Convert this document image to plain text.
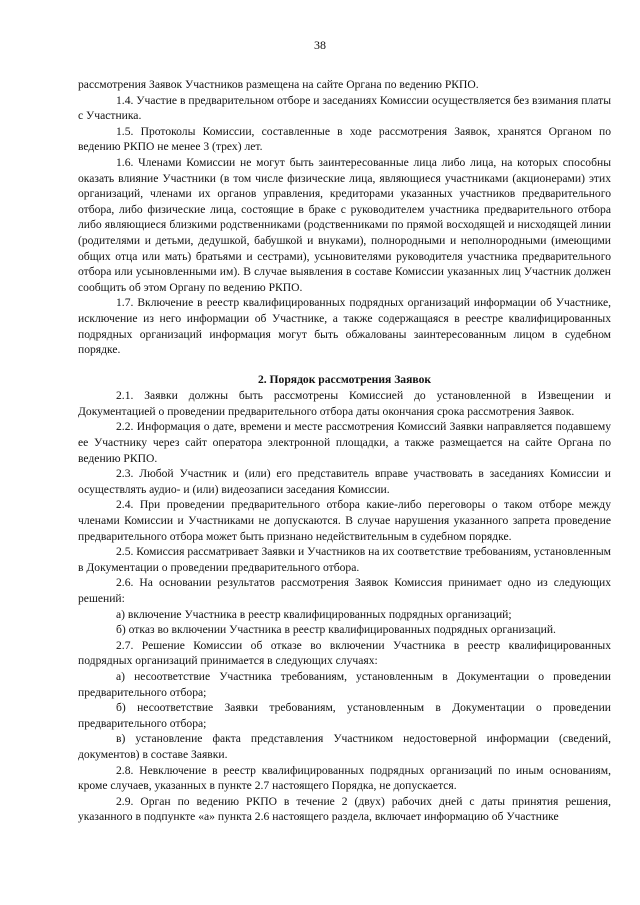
38

рассмотрения Заявок Участников размещена на сайте Органа по ведению РКПО.

1.4. Участие в предварительном отборе и заседаниях Комиссии осуществляется без взимания платы с Участника.

1.5. Протоколы Комиссии, составленные в ходе рассмотрения Заявок, хранятся Органом по ведению РКПО не менее 3 (трех) лет.

1.6. Членами Комиссии не могут быть заинтересованные лица либо лица, на которых способны оказать влияние Участники (в том числе физические лица, являющиеся участниками (акционерами) этих организаций, членами их органов управления, кредиторами указанных участников предварительного отбора, либо физические лица, состоящие в браке с руководителем участника предварительного отбора либо являющиеся близкими родственниками (родственниками по прямой восходящей и нисходящей линии (родителями и детьми, дедушкой, бабушкой и внуками), полнородными и неполнородными (имеющими общих отца или мать) братьями и сестрами), усыновителями руководителя участника предварительного отбора или усыновленными им). В случае выявления в составе Комиссии указанных лиц Участник должен сообщить об этом Органу по ведению РКПО.

1.7. Включение в реестр квалифицированных подрядных организаций информации об Участнике, исключение из него информации об Участнике, а также содержащаяся в реестре квалифицированных подрядных организаций информация могут быть обжалованы заинтересованным лицом в судебном порядке.

2. Порядок рассмотрения Заявок

2.1. Заявки должны быть рассмотрены Комиссией до установленной в Извещении и Документацией о проведении предварительного отбора даты окончания срока рассмотрения Заявок.

2.2. Информация о дате, времени и месте рассмотрения Комиссий Заявки направляется подавшему ее Участнику через сайт оператора электронной площадки, а также размещается на сайте Органа по ведению РКПО.

2.3. Любой Участник и (или) его представитель вправе участвовать в заседаниях Комиссии и осуществлять аудио- и (или) видеозаписи заседания Комиссии.

2.4. При проведении предварительного отбора какие-либо переговоры о таком отборе между членами Комиссии и Участниками не допускаются. В случае нарушения указанного запрета проведение предварительного отбора может быть признано недействительным в судебном порядке.

2.5. Комиссия рассматривает Заявки и Участников на их соответствие требованиям, установленным в Документации о проведении предварительного отбора.

2.6. На основании результатов рассмотрения Заявок Комиссия принимает одно из следующих решений:

а) включение Участника в реестр квалифицированных подрядных организаций;

б) отказ во включении Участника в реестр квалифицированных подрядных организаций.

2.7. Решение Комиссии об отказе во включении Участника в реестр квалифицированных подрядных организаций принимается в следующих случаях:

а) несоответствие Участника требованиям, установленным в Документации о проведении предварительного отбора;

б) несоответствие Заявки требованиям, установленным в Документации о проведении предварительного отбора;

в) установление факта представления Участником недостоверной информации (сведений, документов) в составе Заявки.

2.8. Невключение в реестр квалифицированных подрядных организаций по иным основаниям, кроме случаев, указанных в пункте 2.7 настоящего Порядка, не допускается.

2.9. Орган по ведению РКПО в течение 2 (двух) рабочих дней с даты принятия решения, указанного в подпункте «а» пункта 2.6 настоящего раздела, включает информацию об Участнике
